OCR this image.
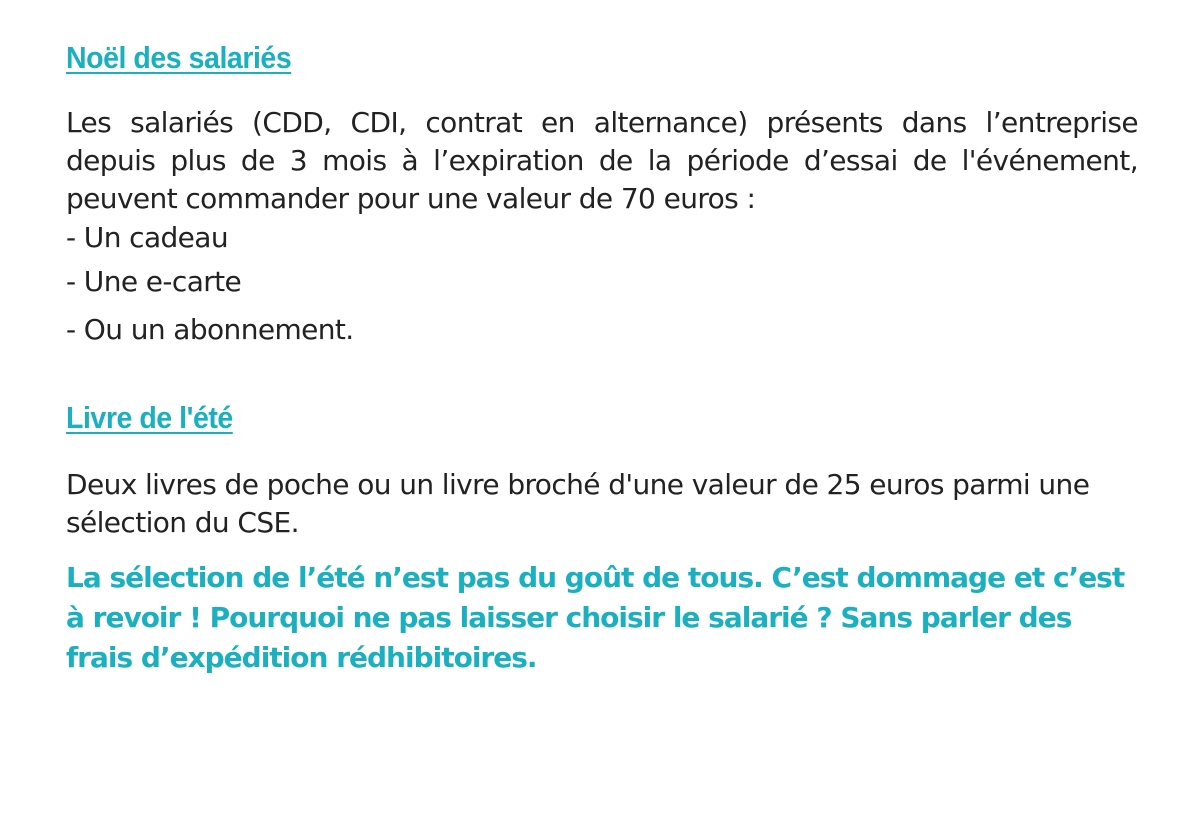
Noël des salariés

Les salariés (CDD, CDI, contrat en alternance) présents dans l’entreprise depuis plus de 3 mois à l’expiration de la période d’essai de l'événement, peuvent commander pour une valeur de 70 euros :

- Un cadeau
- Une e-carte
- Ou un abonnement.
Livre de l'été

Deux livres de poche ou un livre broché d'une valeur de 25 euros parmi une sélection du CSE.

La sélection de l’été n’est pas du goût de tous. C’est dommage et c’est à revoir ! Pourquoi ne pas laisser choisir le salarié ? Sans parler des frais d’expédition rédhibitoires.
